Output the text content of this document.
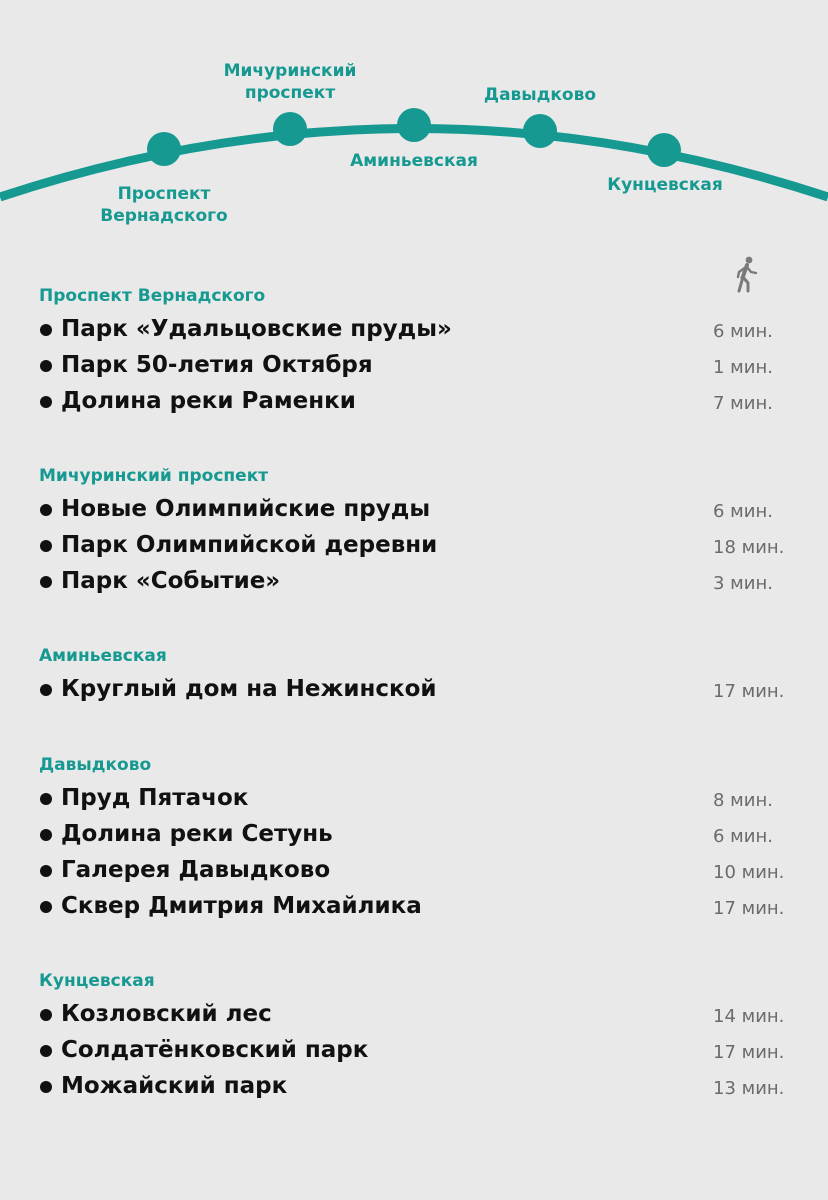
Проспект
Вернадского
Мичуринский
проспект
Аминьевская
Давыдково
Кунцевская
Проспект Вернадского
Парк «Удальцовские пруды»	6 мин.
Парк 50-летия Октября	1 мин.
Долина реки Раменки	7 мин.
Мичуринский проспект
Новые Олимпийские пруды	6 мин.
Парк Олимпийской деревни	18 мин.
Парк «Событие»	3 мин.
Аминьевская
Круглый дом на Нежинской	17 мин.
Давыдково
Пруд Пятачок	8 мин.
Долина реки Сетунь	6 мин.
Галерея Давыдково	10 мин.
Сквер Дмитрия Михайлика	17 мин.
Кунцевская
Козловский лес	14 мин.
Солдатёнковский парк	17 мин.
Можайский парк	13 мин.
